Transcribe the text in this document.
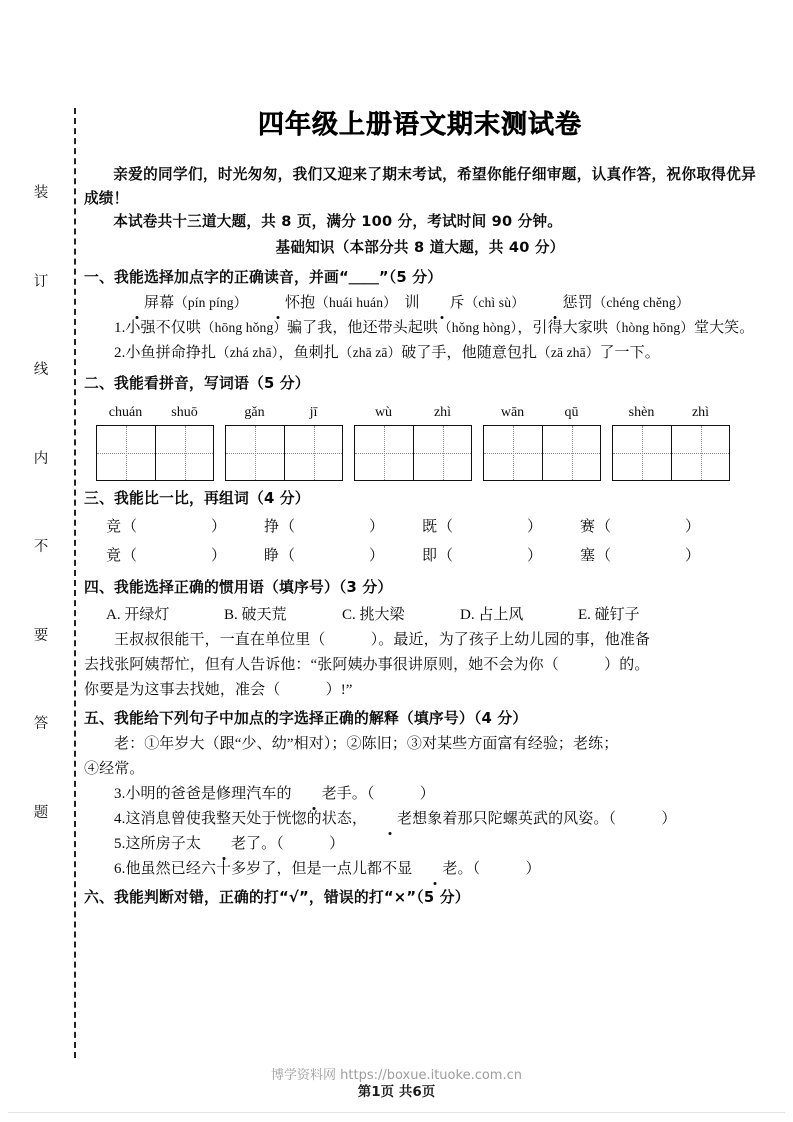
装
订
线
内
不
要
答
题
四年级上册语文期末测试卷
亲爱的同学们，时光匆匆，我们又迎来了期末考试，希望你能仔细审题，认真作答，祝你取得优异成绩！
本试卷共十三道大题，共 8 页，满分 100 分，考试时间 90 分钟。
基础知识（本部分共 8 道大题，共 40 分）
一、我能选择加点字的正确读音，并画“＿＿”（5 分）
屏幕（pín píng）	怀抱（huái huán） 训 斥（chì sù）	惩罚（chéng chěng）
1.小强不仅哄（hōng hǒng）骗了我，他还带头起哄（hǒng hòng），引得大家哄（hòng hōng）堂大笑。
2.小鱼拼命挣扎（zhá zhā），鱼刺扎（zhā zā）破了手，他随意包扎（zā zhā）了一下。
二、我能看拼音，写词语（5 分）
chuán	shuō	gǎn	jī	wù	zhì	wān	qū	shèn	zhì
三、我能比一比，再组词（4 分）
竞 （	）	挣 （	）	既 （	）	赛 （	）
竟 （	）	睁 （	）	即 （	）	塞 （	）
四、我能选择正确的惯用语（填序号）（3 分）
A. 开绿灯	B. 破天荒	C. 挑大梁	D. 占上风	E. 碰钉子
王叔叔很能干，一直在单位里（　　　）。最近，为了孩子上幼儿园的事，他准备
去找张阿姨帮忙，但有人告诉他：“张阿姨办事很讲原则，她不会为你（　　　）的。
你要是为这事去找她，准会（　　　）!”
五、我能给下列句子中加点的字选择正确的解释（填序号）（4 分）
老：①年岁大（跟“少、幼”相对）；②陈旧；③对某些方面富有经验；老练；
④经常。
3.小明的爸爸是修理汽车的 老手。（　　　）
4.这消息曾使我整天处于恍惚的状态， 老想象着那只陀螺英武的风姿。（　　　）
5.这所房子太 老了。（　　　）
6.他虽然已经六十多岁了，但是一点儿都不显 老。（　　　）
六、我能判断对错，正确的打“√”，错误的打“×”（5 分）
博学资料网 https://boxue.ituoke.com.cn
第1页 共6页
